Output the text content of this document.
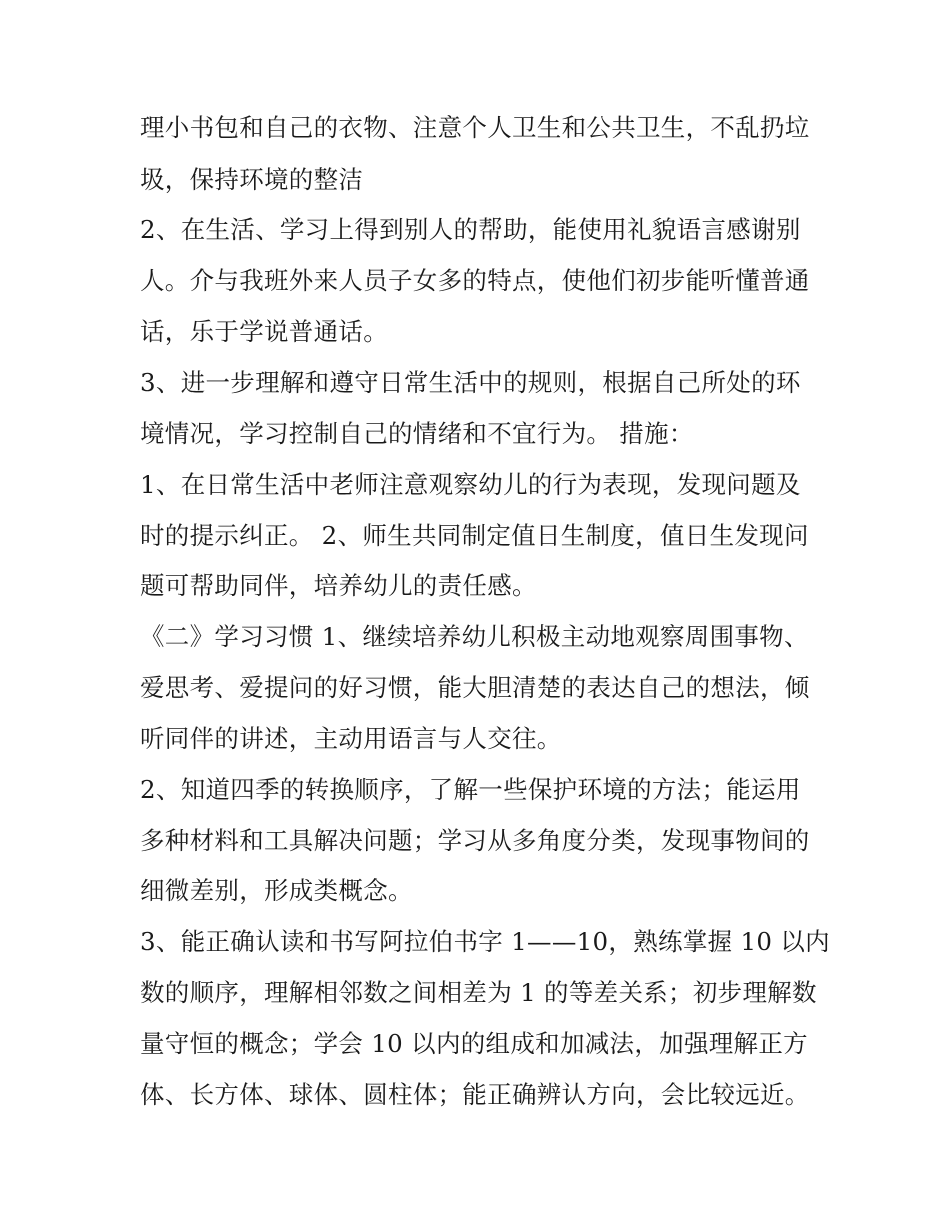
理小书包和自己的衣物、注意个人卫生和公共卫生，不乱扔垃
圾，保持环境的整洁
2、在生活、学习上得到别人的帮助，能使用礼貌语言感谢别
人。介与我班外来人员子女多的特点，使他们初步能听懂普通
话，乐于学说普通话。
3、进一步理解和遵守日常生活中的规则，根据自己所处的环
境情况，学习控制自己的情绪和不宜行为。 措施：
1、在日常生活中老师注意观察幼儿的行为表现，发现问题及
时的提示纠正。 2、师生共同制定值日生制度，值日生发现问
题可帮助同伴，培养幼儿的责任感。
《二》学习习惯 1、继续培养幼儿积极主动地观察周围事物、
爱思考、爱提问的好习惯，能大胆清楚的表达自己的想法，倾
听同伴的讲述，主动用语言与人交往。
2、知道四季的转换顺序，了解一些保护环境的方法；能运用
多种材料和工具解决问题；学习从多角度分类，发现事物间的
细微差别，形成类概念。
3、能正确认读和书写阿拉伯书字 1——10，熟练掌握 10 以内
数的顺序，理解相邻数之间相差为 1 的等差关系；初步理解数
量守恒的概念；学会 10 以内的组成和加减法，加强理解正方
体、长方体、球体、圆柱体；能正确辨认方向，会比较远近。
